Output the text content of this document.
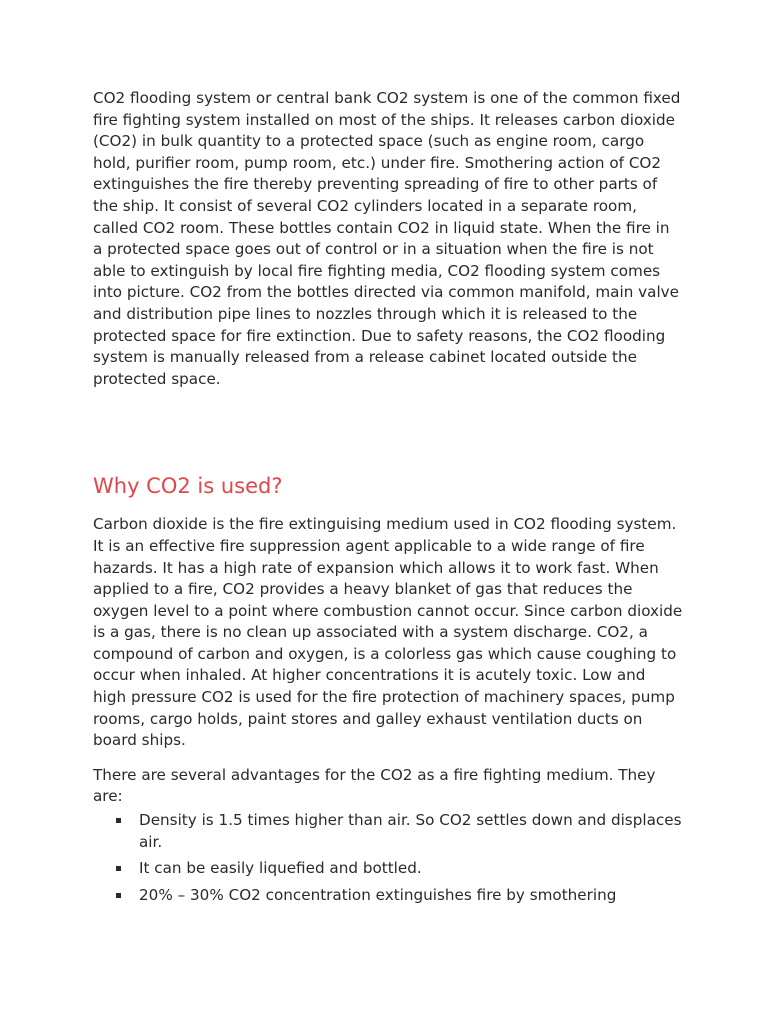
CO2 flooding system or central bank CO2 system is one of the common fixed fire fighting system installed on most of the ships. It releases carbon dioxide (CO2) in bulk quantity to a protected space (such as engine room, cargo hold, purifier room, pump room, etc.) under fire. Smothering action of CO2 extinguishes the fire thereby preventing spreading of fire to other parts of the ship. It consist of several CO2 cylinders located in a separate room, called CO2 room. These bottles contain CO2 in liquid state. When the fire in a protected space goes out of control or in a situation when the fire is not able to extinguish by local fire fighting media, CO2 flooding system comes into picture. CO2 from the bottles directed via common manifold, main valve and distribution pipe lines to nozzles through which it is released to the protected space for fire extinction. Due to safety reasons, the CO2 flooding system is manually released from a release cabinet located outside the protected space.

Why CO2 is used?

Carbon dioxide is the fire extinguising medium used in CO2 flooding system. It is an effective fire suppression agent applicable to a wide range of fire hazards. It has a high rate of expansion which allows it to work fast. When applied to a fire, CO2 provides a heavy blanket of gas that reduces the oxygen level to a point where combustion cannot occur. Since carbon dioxide is a gas, there is no clean up associated with a system discharge. CO2, a compound of carbon and oxygen, is a colorless gas which cause coughing to occur when inhaled. At higher concentrations it is acutely toxic. Low and high pressure CO2 is used for the fire protection of machinery spaces, pump rooms, cargo holds, paint stores and galley exhaust ventilation ducts on board ships.

There are several advantages for the CO2 as a fire fighting medium. They are:

Density is 1.5 times higher than air. So CO2 settles down and displaces air.
It can be easily liquefied and bottled.
20% – 30% CO2 concentration extinguishes fire by smothering
